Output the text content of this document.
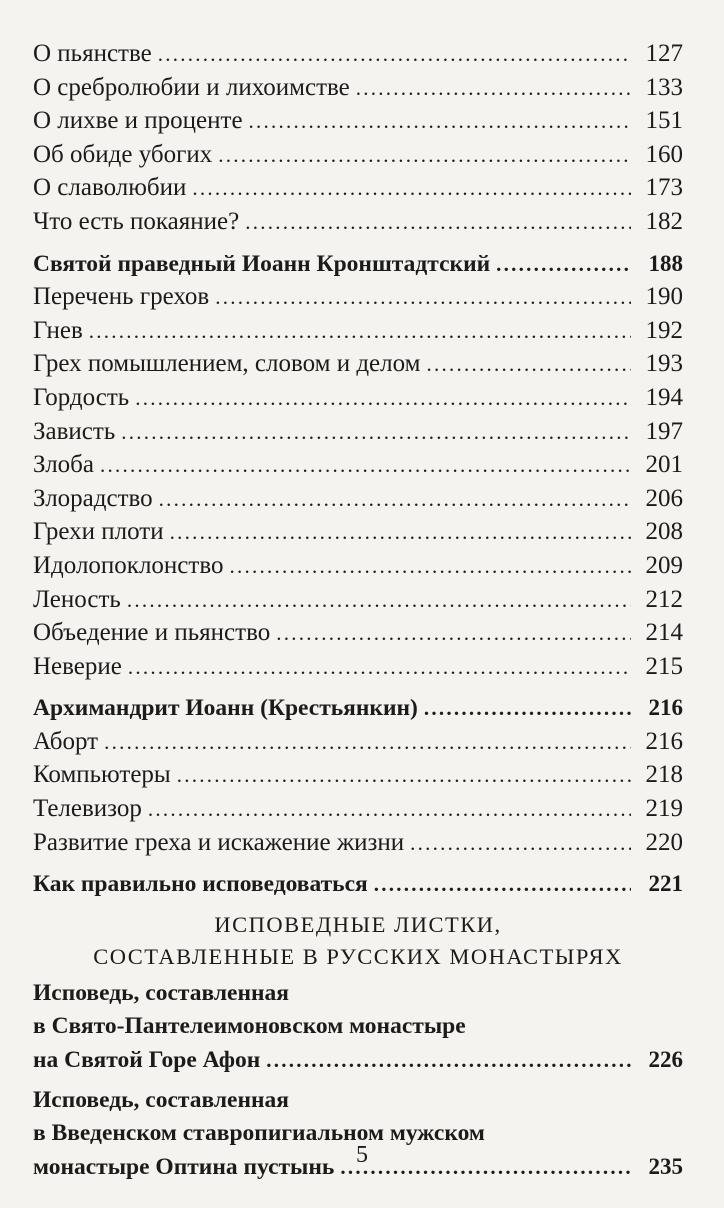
О пьянстве . . .	127
О сребролюбии и лихоимстве . . .	133
О лихве и проценте . . .	151
Об обиде убогих . . .	160
О славолюбии . . .	173
Что есть покаяние? . . .	182
Святой праведный Иоанн Кронштадтский . . .	188
Перечень грехов . . .	190
Гнев . . .	192
Грех помышлением, словом и делом . . .	193
Гордость . . .	194
Зависть . . .	197
Злоба . . .	201
Злорадство . . .	206
Грехи плоти . . .	208
Идолопоклонство . . .	209
Леность . . .	212
Объедение и пьянство . . .	214
Неверие . . .	215
Архимандрит Иоанн (Крестьянкин) . . .	216
Аборт . . .	216
Компьютеры . . .	218
Телевизор . . .	219
Развитие греха и искажение жизни . . .	220
Как правильно исповедоваться . . .	221
ИСПОВЕДНЫЕ ЛИСТКИ,
СОСТАВЛЕННЫЕ В РУССКИХ МОНАСТЫРЯХ
Исповедь, составленная
в Свято-Пантелеимоновском монастыре
на Святой Горе Афон . . .	226
Исповедь, составленная
в Введенском ставропигиальном мужском
монастыре Оптина пустынь . . .	235
5
